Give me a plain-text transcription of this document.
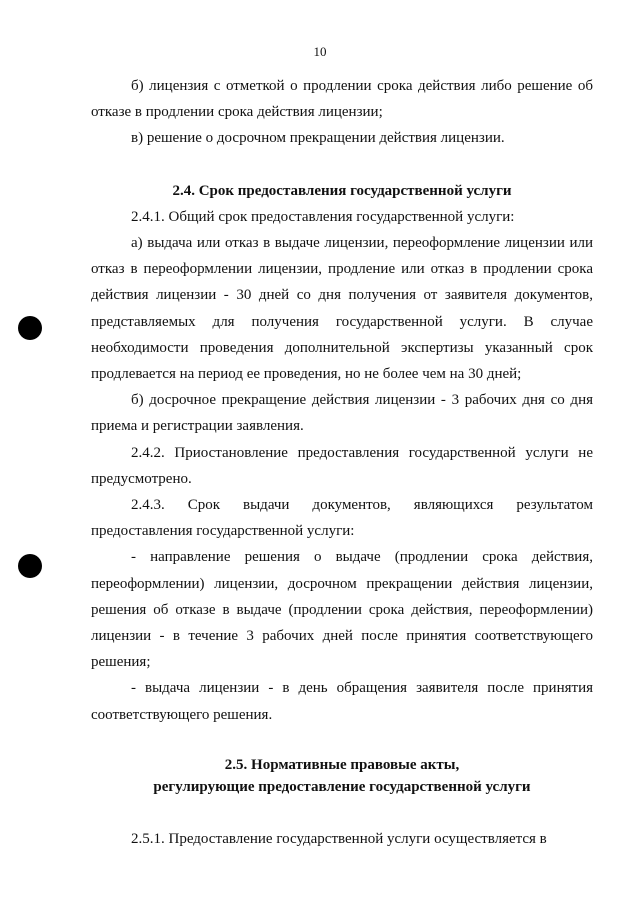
10

б) лицензия с отметкой о продлении срока действия либо решение об отказе в продлении срока действия лицензии;

в) решение о досрочном прекращении действия лицензии.

2.4. Срок предоставления государственной услуги

2.4.1. Общий срок предоставления государственной услуги:

а) выдача или отказ в выдаче лицензии, переоформление лицензии или отказ в переоформлении лицензии, продление или отказ в продлении срока действия лицензии - 30 дней со дня получения от заявителя документов, представляемых для получения государственной услуги. В случае необходимости проведения дополнительной экспертизы указанный срок продлевается на период ее проведения, но не более чем на 30 дней;

б) досрочное прекращение действия лицензии - 3 рабочих дня со дня приема и регистрации заявления.

2.4.2. Приостановление предоставления государственной услуги не предусмотрено.

2.4.3. Срок выдачи документов, являющихся результатом предоставления государственной услуги:

- направление решения о выдаче (продлении срока действия, переоформлении) лицензии, досрочном прекращении действия лицензии, решения об отказе в выдаче (продлении срока действия, переоформлении) лицензии - в течение 3 рабочих дней после принятия соответствующего решения;

- выдача лицензии - в день обращения заявителя после принятия соответствующего решения.

2.5. Нормативные правовые акты,
регулирующие предоставление государственной услуги

2.5.1. Предоставление государственной услуги осуществляется в
